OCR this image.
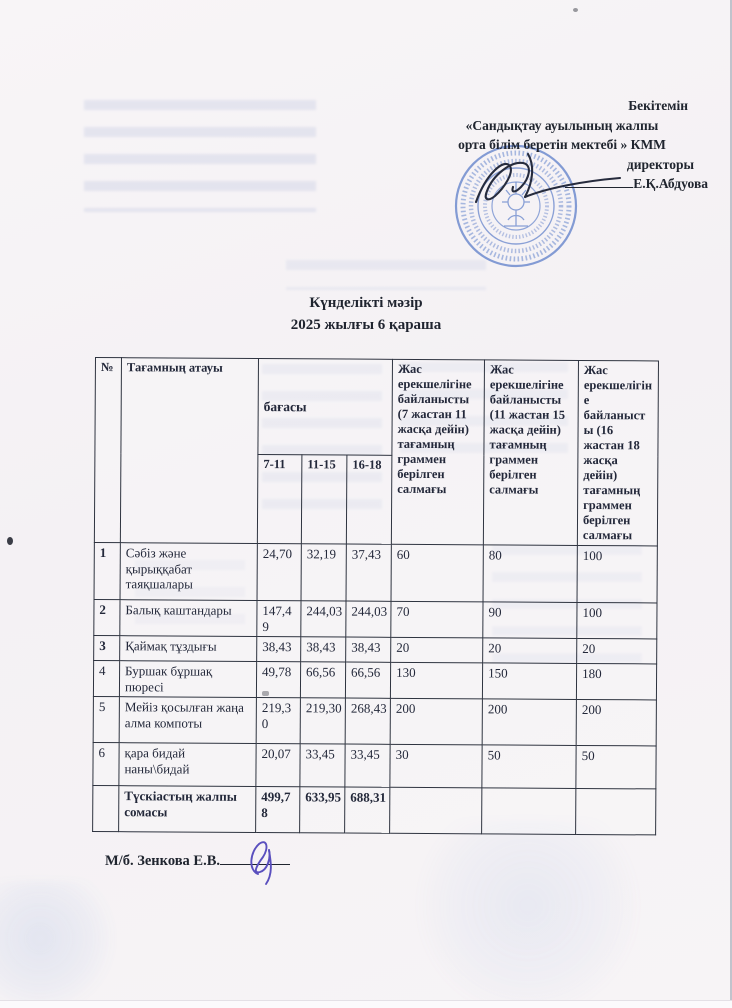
Бекітемін
«Сандықтау ауылының жалпы
орта білім беретін мектебі » КММ
директоры
Е.Қ.Абдуова
Күнделікті мәзір
2025 жылғы 6 қараша
№	Тағамның атауы	бағасы			Жас ерекшелігіне байланысты (7 жастан 11 жасқа дейін) тағамның граммен берілген салмағы	Жас ерекшелігіне байланысты (11 жастан 15 жасқа дейін) тағамның граммен берілген салмағы	Жас ерекшелігіне байланысты (16 жастан 18 жасқа дейін) тағамның граммен берілген салмағы
		7-11	11-15	16-18			
1	Сәбіз және қырыққабат таяқшалары	24,70	32,19	37,43	60	80	100
2	Балық каштандары	147,49	244,03	244,03	70	90	100
3	Қаймақ тұздығы	38,43	38,43	38,43	20	20	20
4	Буршак бұршақ пюресі	49,78	66,56	66,56	130	150	180
5	Мейіз қосылған жаңа алма компоты	219,30	219,30	268,43	200	200	200
6	қара бидай наны\бидай	20,07	33,45	33,45	30	50	50
	Түскіастың жалпы сомасы	499,78	633,95	688,31			
М/б. Зенкова Е.В.
